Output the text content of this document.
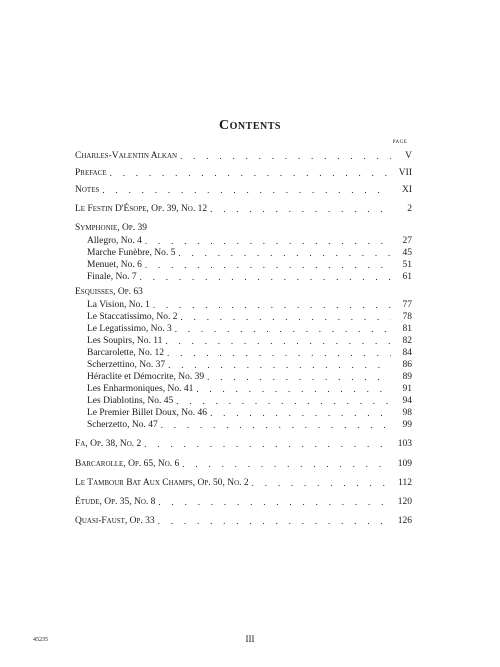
Contents
PAGE
Charles-Valentin Alkan . . .	V
Preface . . .	VII
Notes . . .	XI
Le Festin D'Ésope, Op. 39, No. 12 . . .	2
Symphonie, Op. 39
Allegro, No. 4 . . .	27
Marche Funèbre, No. 5 . . .	45
Menuet, No. 6 . . .	51
Finale, No. 7 . . .	61
Esquisses, Op. 63
La Vision, No. 1 . . .	77
Le Staccatissimo, No. 2 . . .	78
Le Legatissimo, No. 3 . . .	81
Les Soupirs, No. 11 . . .	82
Barcarolette, No. 12 . . .	84
Scherzettino, No. 37 . . .	86
Héraclite et Démocrite, No. 39 . . .	89
Les Enharmoniques, No. 41 . . .	91
Les Diablotins, No. 45 . . .	94
Le Premier Billet Doux, No. 46 . . .	98
Scherzetto, No. 47 . . .	99
Fa, Op. 38, No. 2 . . .	103
Barcarolle, Op. 65, No. 6 . . .	109
Le Tambour Bat Aux Champs, Op. 50, No. 2 . . .	112
Étude, Op. 35, No. 8 . . .	120
Quasi-Faust, Op. 33 . . .	126
45235	III
